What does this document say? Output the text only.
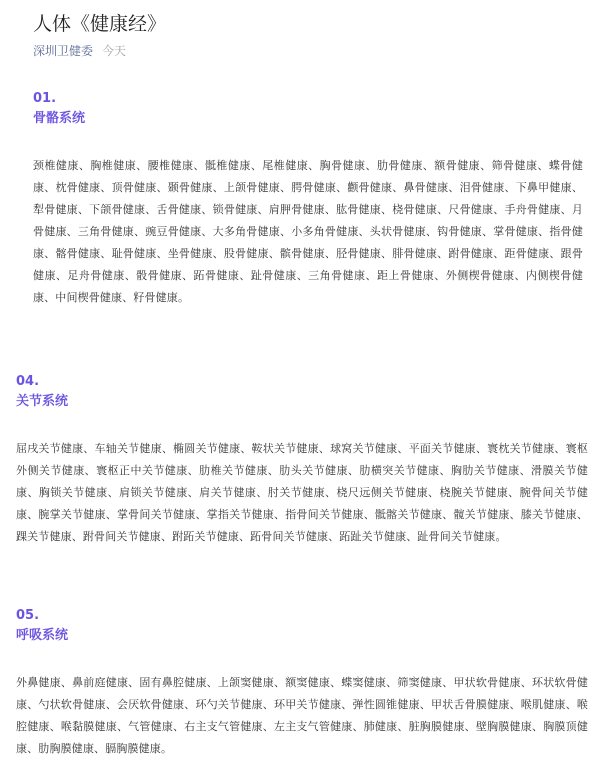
人体《健康经》
深圳卫健委 今天
01.
骨骼系统
颈椎健康、胸椎健康、腰椎健康、骶椎健康、尾椎健康、胸骨健康、肋骨健康、额骨健康、筛骨健康、蝶骨健康、枕骨健康、顶骨健康、颞骨健康、上颌骨健康、腭骨健康、颧骨健康、鼻骨健康、泪骨健康、下鼻甲健康、犁骨健康、下颌骨健康、舌骨健康、锁骨健康、肩胛骨健康、肱骨健康、桡骨健康、尺骨健康、手舟骨健康、月骨健康、三角骨健康、豌豆骨健康、大多角骨健康、小多角骨健康、头状骨健康、钩骨健康、掌骨健康、指骨健康、髂骨健康、耻骨健康、坐骨健康、股骨健康、髌骨健康、胫骨健康、腓骨健康、跗骨健康、距骨健康、跟骨健康、足舟骨健康、骰骨健康、跖骨健康、趾骨健康、三角骨健康、距上骨健康、外侧楔骨健康、内侧楔骨健康、中间楔骨健康、籽骨健康。
04.
关节系统
屈戌关节健康、车轴关节健康、椭圆关节健康、鞍状关节健康、球窝关节健康、平面关节健康、寰枕关节健康、寰枢外侧关节健康、寰枢正中关节健康、肋椎关节健康、肋头关节健康、肋横突关节健康、胸肋关节健康、滑膜关节健康、胸锁关节健康、肩锁关节健康、肩关节健康、肘关节健康、桡尺远侧关节健康、桡腕关节健康、腕骨间关节健康、腕掌关节健康、掌骨间关节健康、掌指关节健康、指骨间关节健康、骶髂关节健康、髋关节健康、膝关节健康、踝关节健康、跗骨间关节健康、跗跖关节健康、跖骨间关节健康、跖趾关节健康、趾骨间关节健康。
05.
呼吸系统
外鼻健康、鼻前庭健康、固有鼻腔健康、上颌窦健康、额窦健康、蝶窦健康、筛窦健康、甲状软骨健康、环状软骨健康、勺状软骨健康、会厌软骨健康、环勺关节健康、环甲关节健康、弹性圆锥健康、甲状舌骨膜健康、喉肌健康、喉腔健康、喉黏膜健康、气管健康、右主支气管健康、左主支气管健康、肺健康、脏胸膜健康、壁胸膜健康、胸膜顶健康、肋胸膜健康、膈胸膜健康。
